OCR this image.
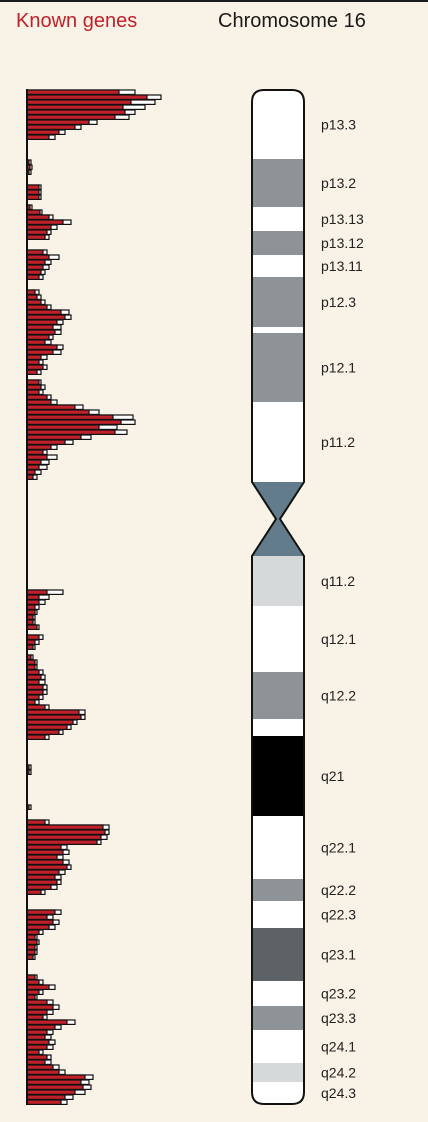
Known genes	Chromosome 16
p13.3
p13.2
p13.13
p13.12
p13.11
p12.3
p12.1
p11.2
q11.2
q12.1
q12.2
q21
q22.1
q22.2
q22.3
q23.1
q23.2
q23.3
q24.1
q24.2
q24.3
